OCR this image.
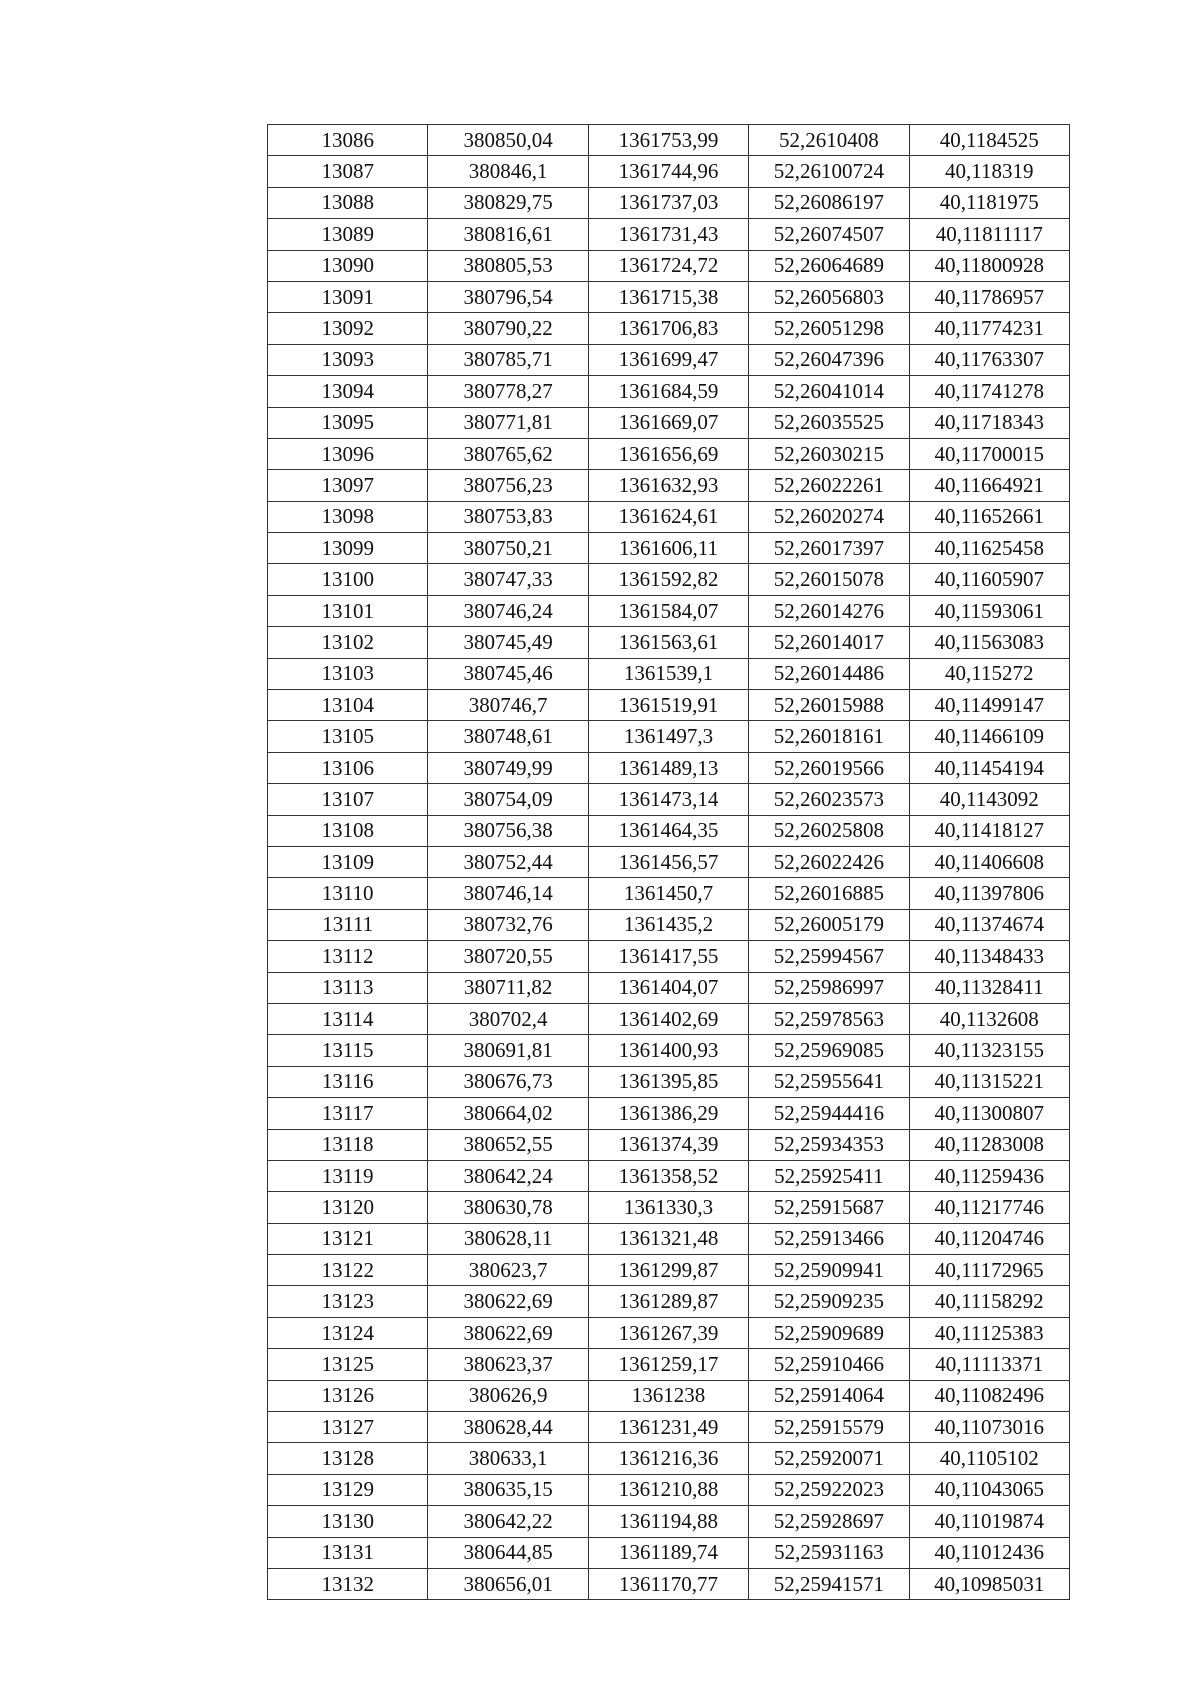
13086	380850,04	1361753,99	52,2610408	40,1184525
13087	380846,1	1361744,96	52,26100724	40,118319
13088	380829,75	1361737,03	52,26086197	40,1181975
13089	380816,61	1361731,43	52,26074507	40,11811117
13090	380805,53	1361724,72	52,26064689	40,11800928
13091	380796,54	1361715,38	52,26056803	40,11786957
13092	380790,22	1361706,83	52,26051298	40,11774231
13093	380785,71	1361699,47	52,26047396	40,11763307
13094	380778,27	1361684,59	52,26041014	40,11741278
13095	380771,81	1361669,07	52,26035525	40,11718343
13096	380765,62	1361656,69	52,26030215	40,11700015
13097	380756,23	1361632,93	52,26022261	40,11664921
13098	380753,83	1361624,61	52,26020274	40,11652661
13099	380750,21	1361606,11	52,26017397	40,11625458
13100	380747,33	1361592,82	52,26015078	40,11605907
13101	380746,24	1361584,07	52,26014276	40,11593061
13102	380745,49	1361563,61	52,26014017	40,11563083
13103	380745,46	1361539,1	52,26014486	40,115272
13104	380746,7	1361519,91	52,26015988	40,11499147
13105	380748,61	1361497,3	52,26018161	40,11466109
13106	380749,99	1361489,13	52,26019566	40,11454194
13107	380754,09	1361473,14	52,26023573	40,1143092
13108	380756,38	1361464,35	52,26025808	40,11418127
13109	380752,44	1361456,57	52,26022426	40,11406608
13110	380746,14	1361450,7	52,26016885	40,11397806
13111	380732,76	1361435,2	52,26005179	40,11374674
13112	380720,55	1361417,55	52,25994567	40,11348433
13113	380711,82	1361404,07	52,25986997	40,11328411
13114	380702,4	1361402,69	52,25978563	40,1132608
13115	380691,81	1361400,93	52,25969085	40,11323155
13116	380676,73	1361395,85	52,25955641	40,11315221
13117	380664,02	1361386,29	52,25944416	40,11300807
13118	380652,55	1361374,39	52,25934353	40,11283008
13119	380642,24	1361358,52	52,25925411	40,11259436
13120	380630,78	1361330,3	52,25915687	40,11217746
13121	380628,11	1361321,48	52,25913466	40,11204746
13122	380623,7	1361299,87	52,25909941	40,11172965
13123	380622,69	1361289,87	52,25909235	40,11158292
13124	380622,69	1361267,39	52,25909689	40,11125383
13125	380623,37	1361259,17	52,25910466	40,11113371
13126	380626,9	1361238	52,25914064	40,11082496
13127	380628,44	1361231,49	52,25915579	40,11073016
13128	380633,1	1361216,36	52,25920071	40,1105102
13129	380635,15	1361210,88	52,25922023	40,11043065
13130	380642,22	1361194,88	52,25928697	40,11019874
13131	380644,85	1361189,74	52,25931163	40,11012436
13132	380656,01	1361170,77	52,25941571	40,10985031
